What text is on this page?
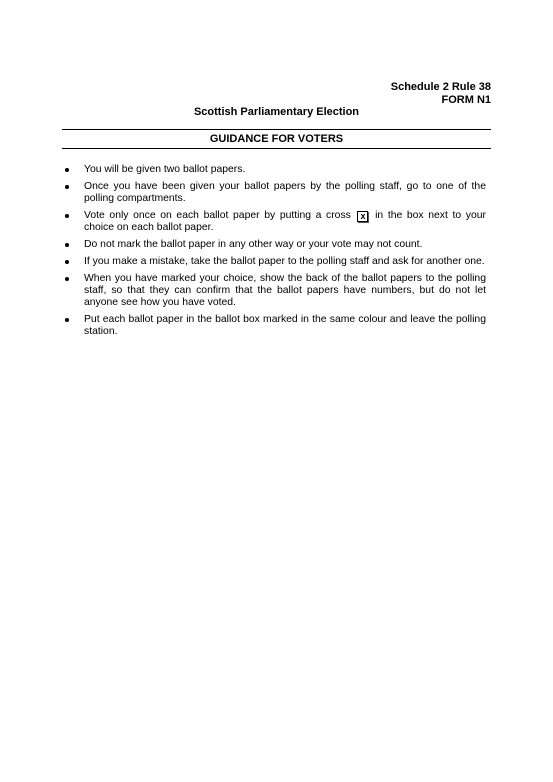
Schedule 2 Rule 38
FORM N1
Scottish Parliamentary Election
GUIDANCE FOR VOTERS
You will be given two ballot papers.
Once you have been given your ballot papers by the polling staff, go to one of the polling compartments.
Vote only once on each ballot paper by putting a cross x in the box next to your choice on each ballot paper.
Do not mark the ballot paper in any other way or your vote may not count.
If you make a mistake, take the ballot paper to the polling staff and ask for another one.
When you have marked your choice, show the back of the ballot papers to the polling staff, so that they can confirm that the ballot papers have numbers, but do not let anyone see how you have voted.
Put each ballot paper in the ballot box marked in the same colour and leave the polling station.
